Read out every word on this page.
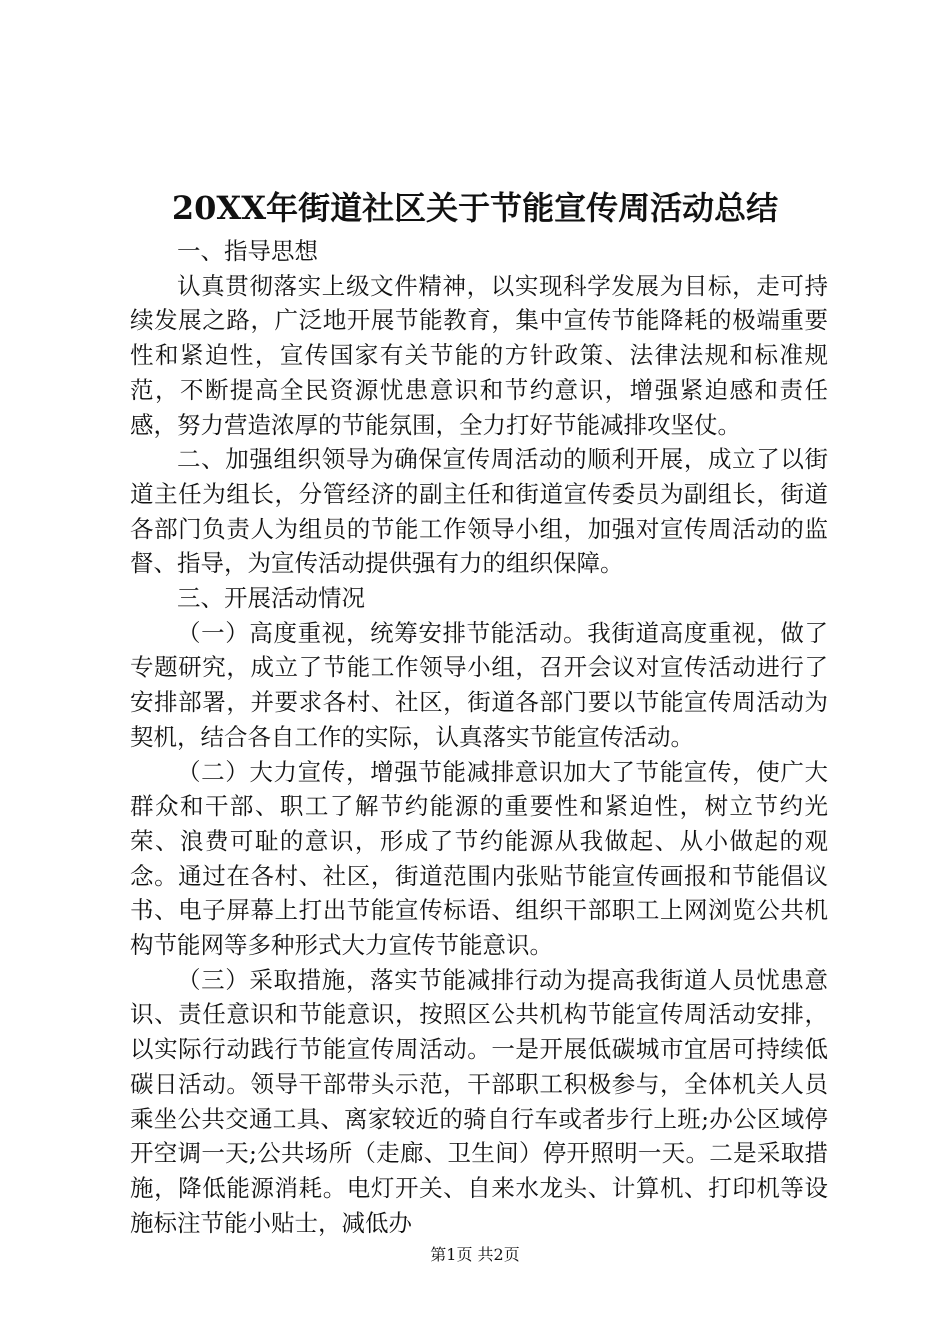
20XX年街道社区关于节能宣传周活动总结

一、指导思想

认真贯彻落实上级文件精神，以实现科学发展为目标，走可持续发展之路，广泛地开展节能教育，集中宣传节能降耗的极端重要性和紧迫性，宣传国家有关节能的方针政策、法律法规和标准规范，不断提高全民资源忧患意识和节约意识，增强紧迫感和责任感，努力营造浓厚的节能氛围，全力打好节能减排攻坚仗。

二、加强组织领导为确保宣传周活动的顺利开展，成立了以街道主任为组长，分管经济的副主任和街道宣传委员为副组长，街道各部门负责人为组员的节能工作领导小组，加强对宣传周活动的监督、指导，为宣传活动提供强有力的组织保障。

三、开展活动情况

（一）高度重视，统筹安排节能活动。我街道高度重视，做了专题研究，成立了节能工作领导小组，召开会议对宣传活动进行了安排部署，并要求各村、社区，街道各部门要以节能宣传周活动为契机，结合各自工作的实际，认真落实节能宣传活动。

（二）大力宣传，增强节能减排意识加大了节能宣传，使广大群众和干部、职工了解节约能源的重要性和紧迫性，树立节约光荣、浪费可耻的意识，形成了节约能源从我做起、从小做起的观念。通过在各村、社区，街道范围内张贴节能宣传画报和节能倡议书、电子屏幕上打出节能宣传标语、组织干部职工上网浏览公共机构节能网等多种形式大力宣传节能意识。

（三）采取措施，落实节能减排行动为提高我街道人员忧患意识、责任意识和节能意识，按照区公共机构节能宣传周活动安排，以实际行动践行节能宣传周活动。一是开展低碳城市宜居可持续低碳日活动。领导干部带头示范，干部职工积极参与，全体机关人员乘坐公共交通工具、离家较近的骑自行车或者步行上班;办公区域停开空调一天;公共场所（走廊、卫生间）停开照明一天。二是采取措施，降低能源消耗。电灯开关、自来水龙头、计算机、打印机等设施标注节能小贴士，减低办

第1页 共2页
